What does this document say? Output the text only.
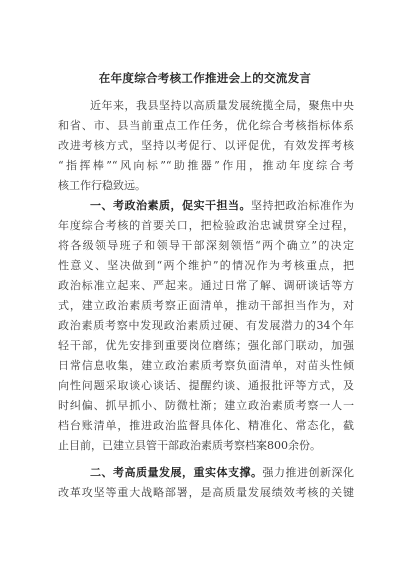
在年度综合考核工作推进会上的交流发言
近年来，我县坚持以高质量发展统揽全局，聚焦中央
和省、市、县当前重点工作任务，优化综合考核指标体系
改进考核方式，坚持以考促行、以评促优，有效发挥考核
“指挥棒”“风向标”“助推器”作用，推动年度综合考
核工作行稳致远。
一、考政治素质，促实干担当。坚持把政治标准作为
年度综合考核的首要关口，把检验政治忠诚贯穿全过程，
将各级领导班子和领导干部深刻领悟“两个确立”的决定
性意义、坚决做到“两个维护”的情况作为考核重点，把
政治标准立起来、严起来。通过日常了解、调研谈话等方
式，建立政治素质考察正面清单，推动干部担当作为，对
政治素质考察中发现政治素质过硬、有发展潜力的34个年
轻干部，优先安排到重要岗位磨练；强化部门联动，加强
日常信息收集，建立政治素质考察负面清单，对苗头性倾
向性问题采取谈心谈话、提醒约谈、通报批评等方式，及
时纠偏、抓早抓小、防微杜渐；建立政治素质考察一人一
档台账清单，推进政治监督具体化、精准化、常态化，截
止目前，已建立县管干部政治素质考察档案800余份。
二、考高质量发展，重实体支撑。强力推进创新深化
改革攻坚等重大战略部署，是高质量发展绩效考核的关键
